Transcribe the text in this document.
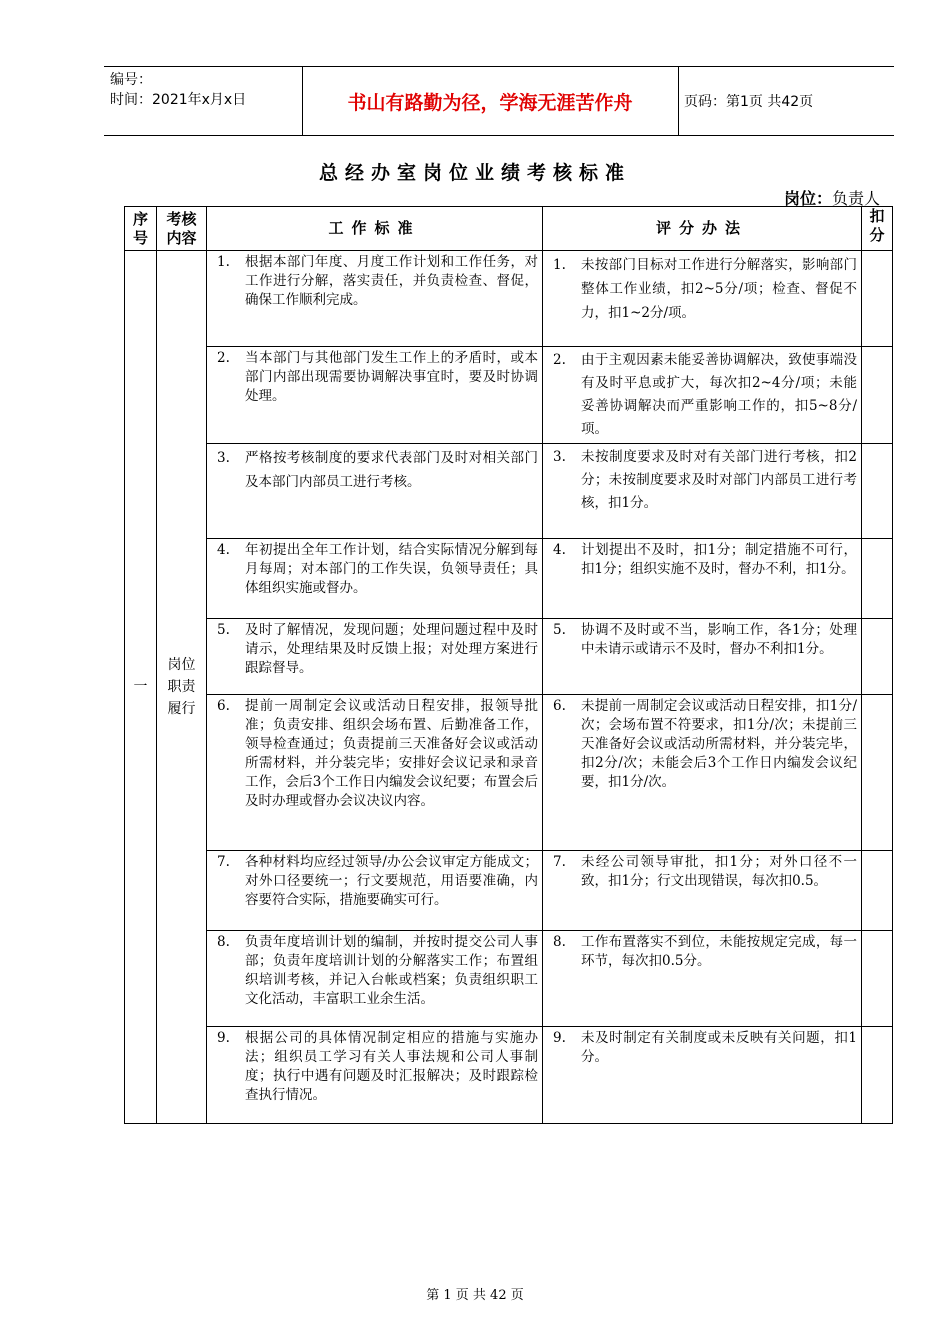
编号：
时间：2021年x月x日	书山有路勤为径，学海无涯苦作舟	页码：第1页 共42页
总经办室岗位业绩考核标准
岗位：负责人
序号	考核内容	工作标准	评分办法	扣分
一	岗位职责履行	1. 根据本部门年度、月度工作计划和工作任务，对工作进行分解，落实责任，并负责检查、督促，确保工作顺利完成。	1. 未按部门目标对工作进行分解落实，影响部门整体工作业绩，扣2~5分/项；检查、督促不力，扣1~2分/项。	

		2. 当本部门与其他部门发生工作上的矛盾时，或本部门内部出现需要协调解决事宜时，要及时协调处理。	2. 由于主观因素未能妥善协调解决，致使事端没有及时平息或扩大，每次扣2~4分/项；未能妥善协调解决而严重影响工作的，扣5~8分/项。	

		3. 严格按考核制度的要求代表部门及时对相关部门及本部门内部员工进行考核。	3. 未按制度要求及时对有关部门进行考核，扣2分；未按制度要求及时对部门内部员工进行考核，扣1分。	

		4. 年初提出全年工作计划，结合实际情况分解到每月每周；对本部门的工作失误，负领导责任；具体组织实施或督办。	4. 计划提出不及时，扣1分；制定措施不可行，扣1分；组织实施不及时，督办不利，扣1分。	

		5. 及时了解情况，发现问题；处理问题过程中及时请示，处理结果及时反馈上报；对处理方案进行跟踪督导。	5. 协调不及时或不当，影响工作，各1分；处理中未请示或请示不及时，督办不利扣1分。	

		6. 提前一周制定会议或活动日程安排，报领导批准；负责安排、组织会场布置、后勤准备工作，领导检查通过；负责提前三天准备好会议或活动所需材料，并分装完毕；安排好会议记录和录音工作，会后3个工作日内编发会议纪要；布置会后及时办理或督办会议决议内容。	6. 未提前一周制定会议或活动日程安排，扣1分/次；会场布置不符要求，扣1分/次；未提前三天准备好会议或活动所需材料，并分装完毕，扣2分/次；未能会后3个工作日内编发会议纪要，扣1分/次。	

		7. 各种材料均应经过领导/办公会议审定方能成文；对外口径要统一；行文要规范，用语要准确，内容要符合实际，措施要确实可行。	7. 未经公司领导审批，扣1分；对外口径不一致，扣1分；行文出现错误，每次扣0.5。	

		8. 负责年度培训计划的编制，并按时提交公司人事部；负责年度培训计划的分解落实工作；布置组织培训考核，并记入台帐或档案；负责组织职工文化活动，丰富职工业余生活。	8. 工作布置落实不到位，未能按规定完成，每一环节，每次扣0.5分。	

		9. 根据公司的具体情况制定相应的措施与实施办法；组织员工学习有关人事法规和公司人事制度；执行中遇有问题及时汇报解决；及时跟踪检查执行情况。	9. 未及时制定有关制度或未反映有关问题，扣1分。	

第 1 页 共 42 页
